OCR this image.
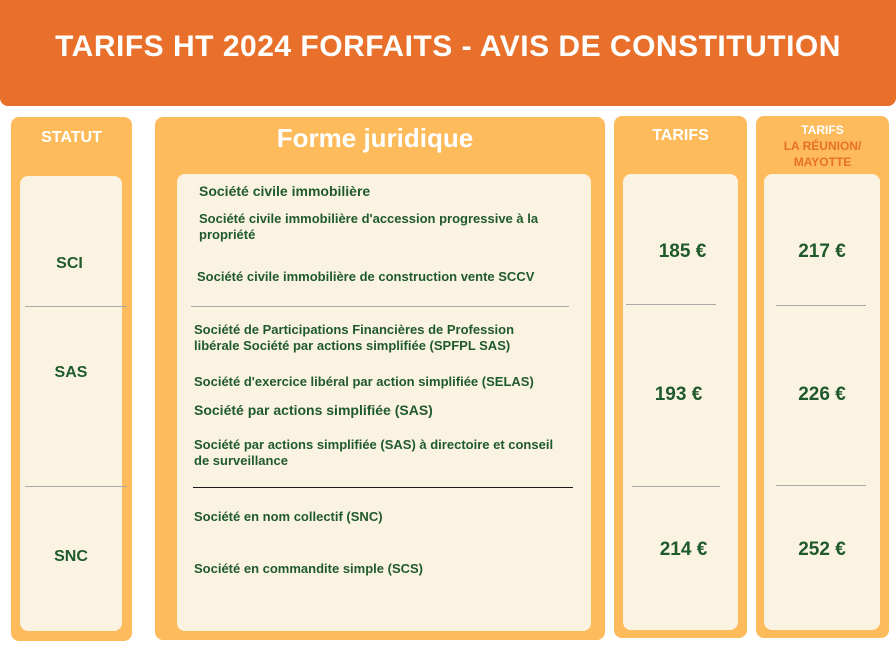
TARIFS HT 2024 FORFAITS - AVIS DE CONSTITUTION
STATUT
SCI
SAS
SNC
Forme juridique
Société civile immobilière
Société civile immobilière d'accession progressive à la propriété
Société civile immobilière de construction vente SCCV
Société de Participations Financières de Profession libérale Société par actions simplifiée (SPFPL SAS)
Société d'exercice libéral par action simplifiée (SELAS)
Société par actions simplifiée (SAS)
Société par actions simplifiée (SAS) à directoire et conseil de surveillance
Société en nom collectif (SNC)
Société en commandite simple (SCS)
TARIFS
185 €
193 €
214 €
TARIFS
LA RÉUNION/
MAYOTTE
217 €
226 €
252 €
